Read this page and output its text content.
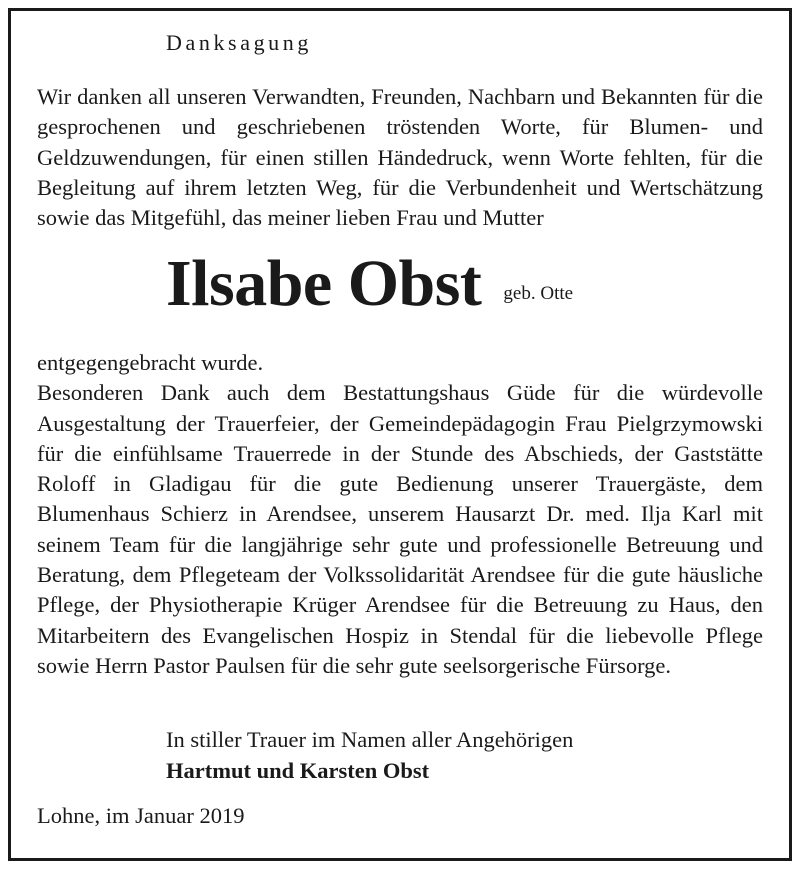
Danksagung
Wir danken all unseren Verwandten, Freunden, Nachbarn und Bekannten für die gesprochenen und geschriebenen tröstenden Worte, für Blumen- und Geldzuwendungen, für einen stillen Händedruck, wenn Worte fehlten, für die Begleitung auf ihrem letzten Weg, für die Verbundenheit und Wertschätzung sowie das Mitgefühl, das meiner lieben Frau und Mutter
Ilsabe Obst geb. Otte
entgegengebracht wurde.
Besonderen Dank auch dem Bestattungshaus Güde für die würdevolle Ausgestaltung der Trauerfeier, der Gemeindepädagogin Frau Pielgrzymowski für die einfühlsame Trauerrede in der Stunde des Abschieds, der Gaststätte Roloff in Gladigau für die gute Bedienung unserer Trauergäste, dem Blumenhaus Schierz in Arendsee, unserem Hausarzt Dr. med. Ilja Karl mit seinem Team für die langjährige sehr gute und professionelle Betreuung und Beratung, dem Pflegeteam der Volkssolidarität Arendsee für die gute häusliche Pflege, der Physiotherapie Krüger Arendsee für die Betreuung zu Haus, den Mitarbeitern des Evangelischen Hospiz in Stendal für die liebevolle Pflege sowie Herrn Pastor Paulsen für die sehr gute seelsorgerische Fürsorge.
In stiller Trauer im Namen aller Angehörigen
Hartmut und Karsten Obst
Lohne, im Januar 2019
